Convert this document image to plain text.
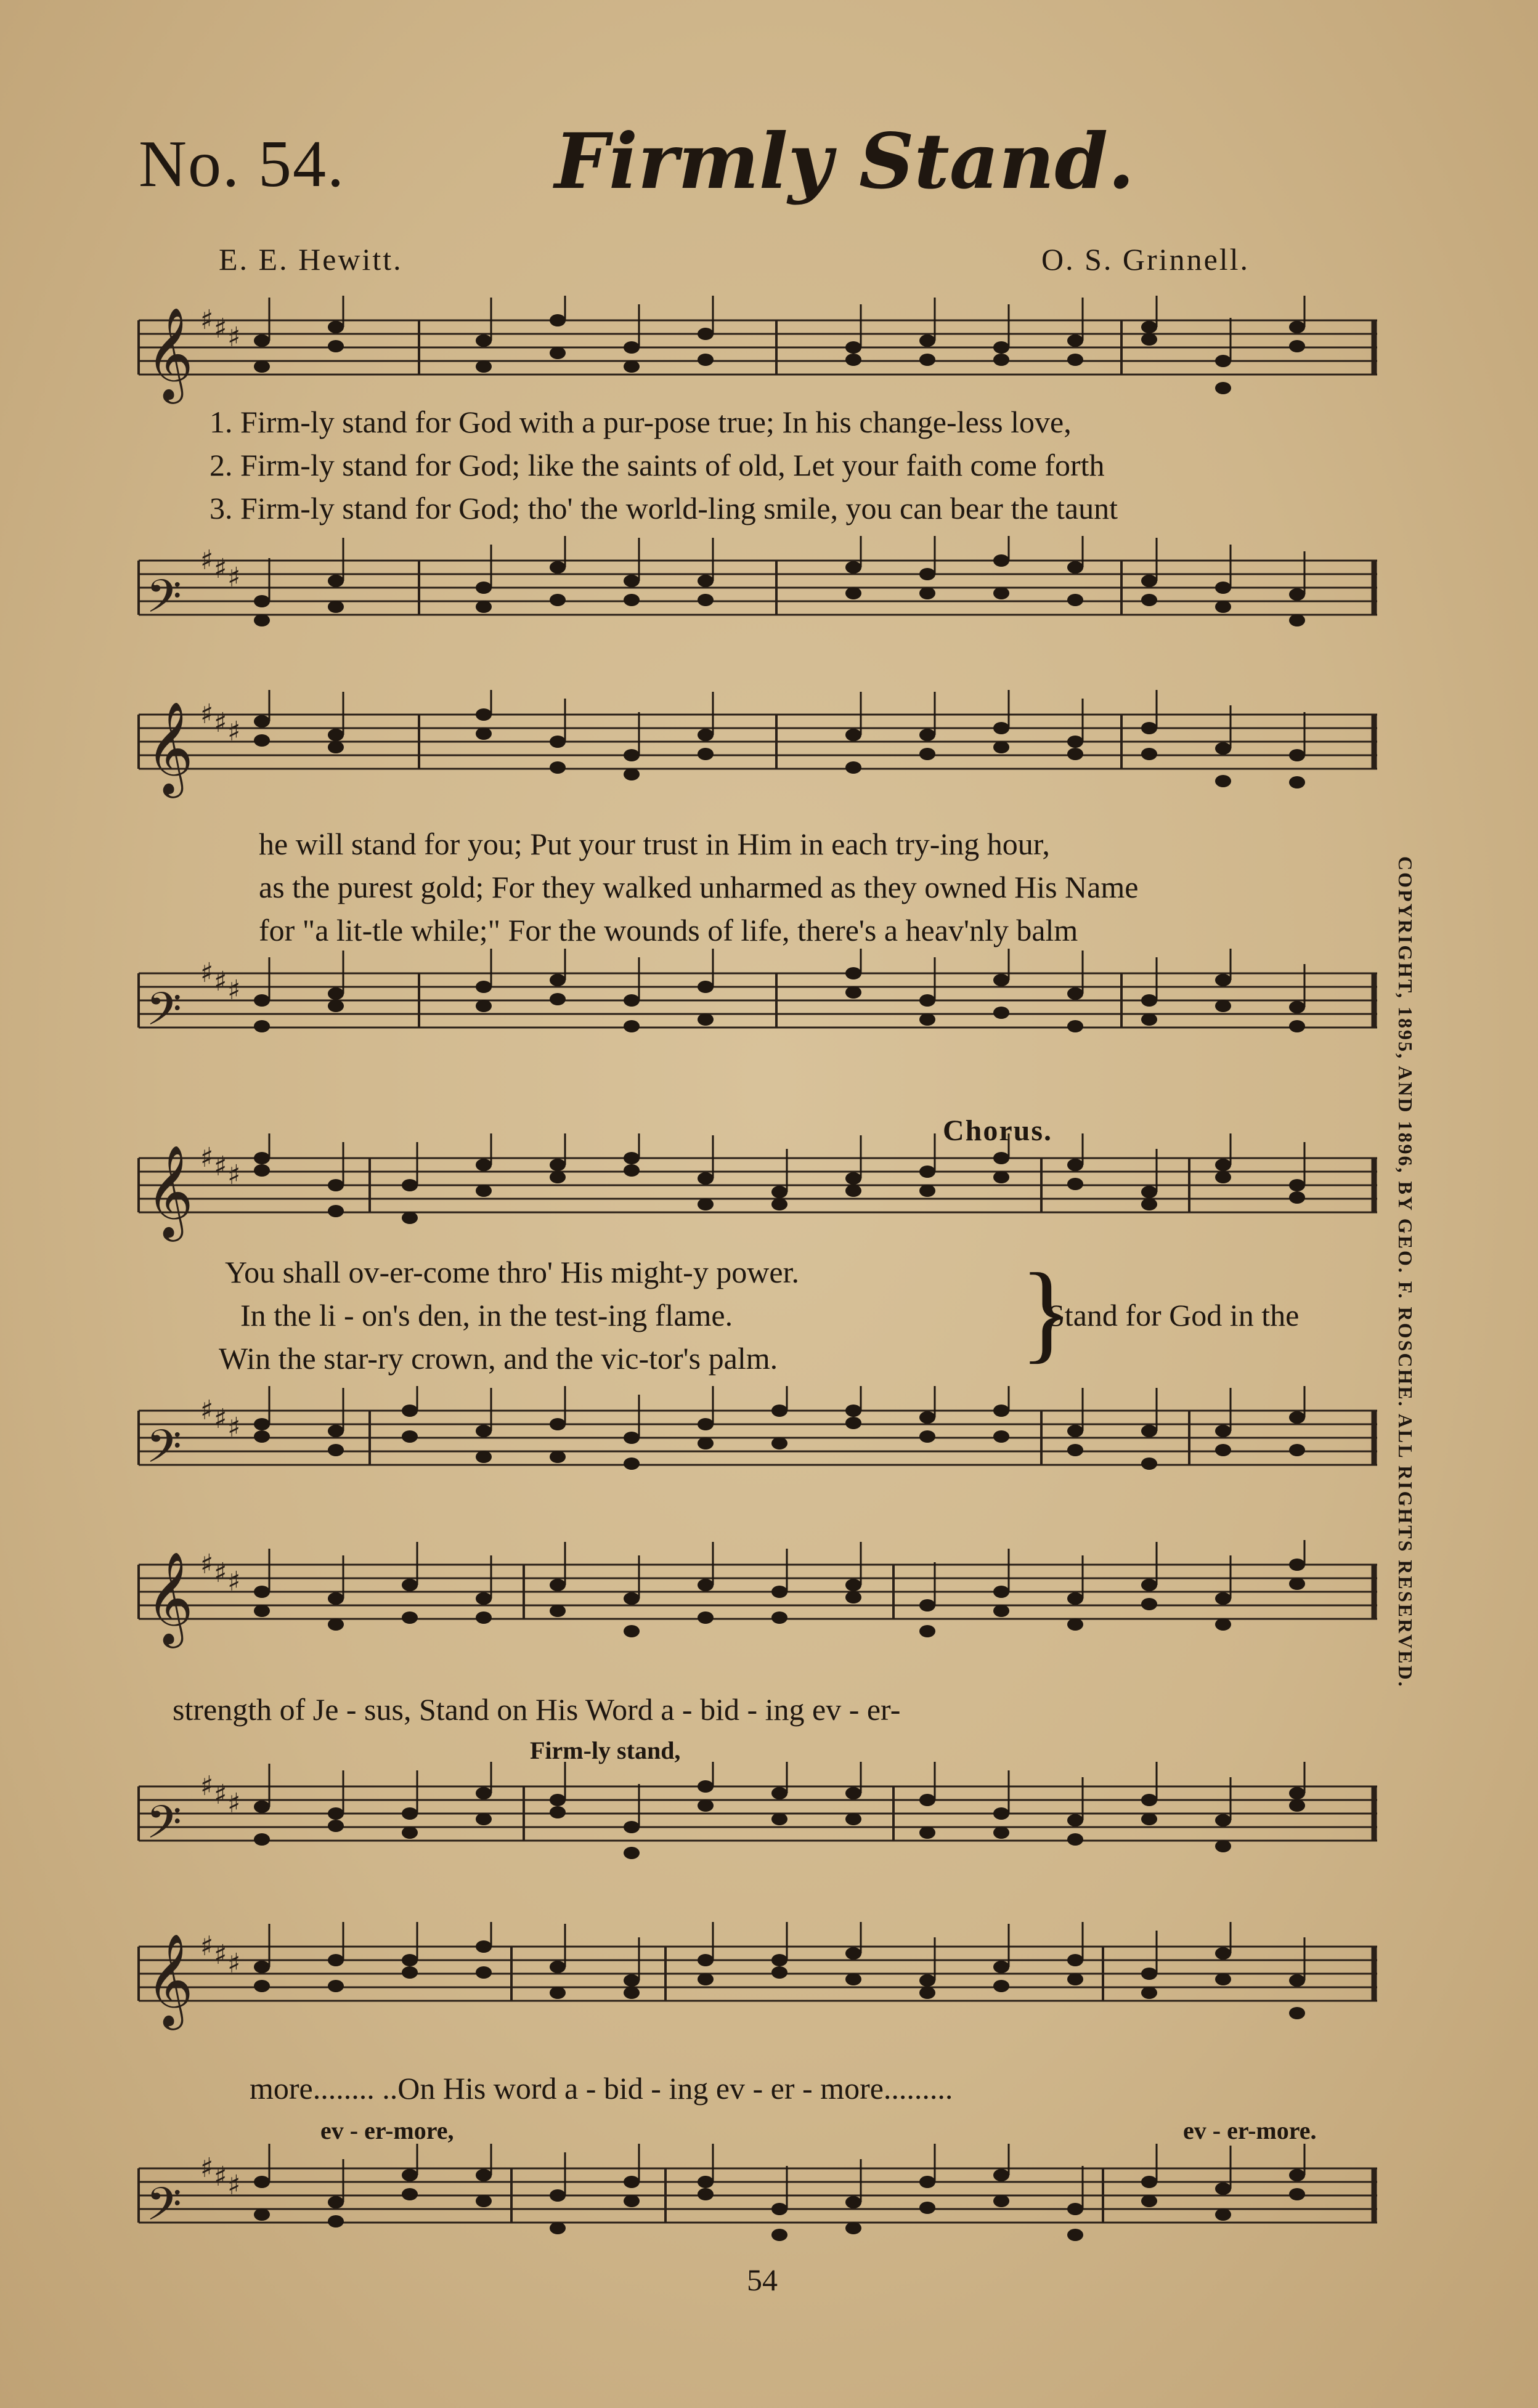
No. 54.	Firmly Stand.
E. E. Hewitt.	O. S. Grinnell.
𝄞 ♯ ♯ ♯
1. Firm-ly stand for God with a pur-pose true; In his change-less love,
2. Firm-ly stand for God; like the saints of old, Let your faith come forth
3. Firm-ly stand for God; tho' the world-ling smile, you can bear the taunt
𝄢
♯ ♯ ♯
𝄞 ♯ ♯ ♯
he will stand for you; Put your trust in Him in each try-ing hour,
as the purest gold; For they walked unharmed as they owned His Name
for "a lit-tle while;" For the wounds of life, there's a heav'nly balm
𝄢
♯ ♯ ♯
Chorus.
𝄞 ♯ ♯ ♯
You shall ov-er-come thro' His might-y power.
In the li - on's den, in the test-ing flame.
Win the star-ry crown, and the vic-tor's palm. }
Stand for God in the
𝄢
♯ ♯ ♯
𝄞 ♯ ♯ ♯
strength of Je - sus, Stand on His Word a - bid - ing ev - er-
Firm-ly stand,
𝄢
♯ ♯ ♯
𝄞 ♯ ♯ ♯
more........ ..On His word a - bid - ing ev - er - more.........
ev - er-more,	ev - er-more.
𝄢
♯ ♯ ♯
COPYRIGHT, 1895, AND 1896, BY GEO. F. ROSCHE. ALL RIGHTS RESERVED.
54
